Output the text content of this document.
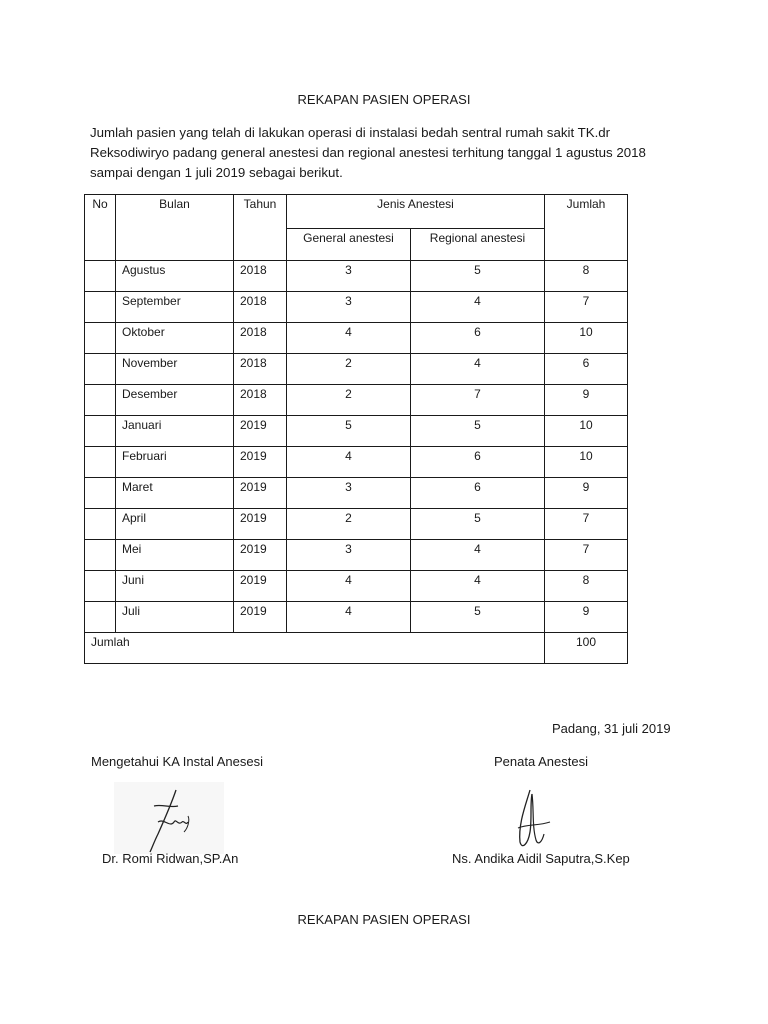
REKAPAN PASIEN OPERASI
Jumlah pasien yang telah di lakukan operasi di instalasi bedah sentral rumah sakit TK.dr Reksodiwiryo padang general anestesi dan regional anestesi terhitung tanggal 1 agustus 2018 sampai dengan 1 juli 2019 sebagai berikut.
No	Bulan	Tahun	Jenis Anestesi		Jumlah
			General anestesi	Regional anestesi	
	Agustus	2018	3	5	8
	September	2018	3	4	7
	Oktober	2018	4	6	10
	November	2018	2	4	6
	Desember	2018	2	7	9
	Januari	2019	5	5	10
	Februari	2019	4	6	10
	Maret	2019	3	6	9
	April	2019	2	5	7
	Mei	2019	3	4	7
	Juni	2019	4	4	8
	Juli	2019	4	5	9
Jumlah					100
Padang, 31 juli 2019
Mengetahui KA Instal Anesesi	Penata Anestesi
Dr. Romi Ridwan,SP.An	Ns. Andika Aidil Saputra,S.Kep
REKAPAN PASIEN OPERASI
